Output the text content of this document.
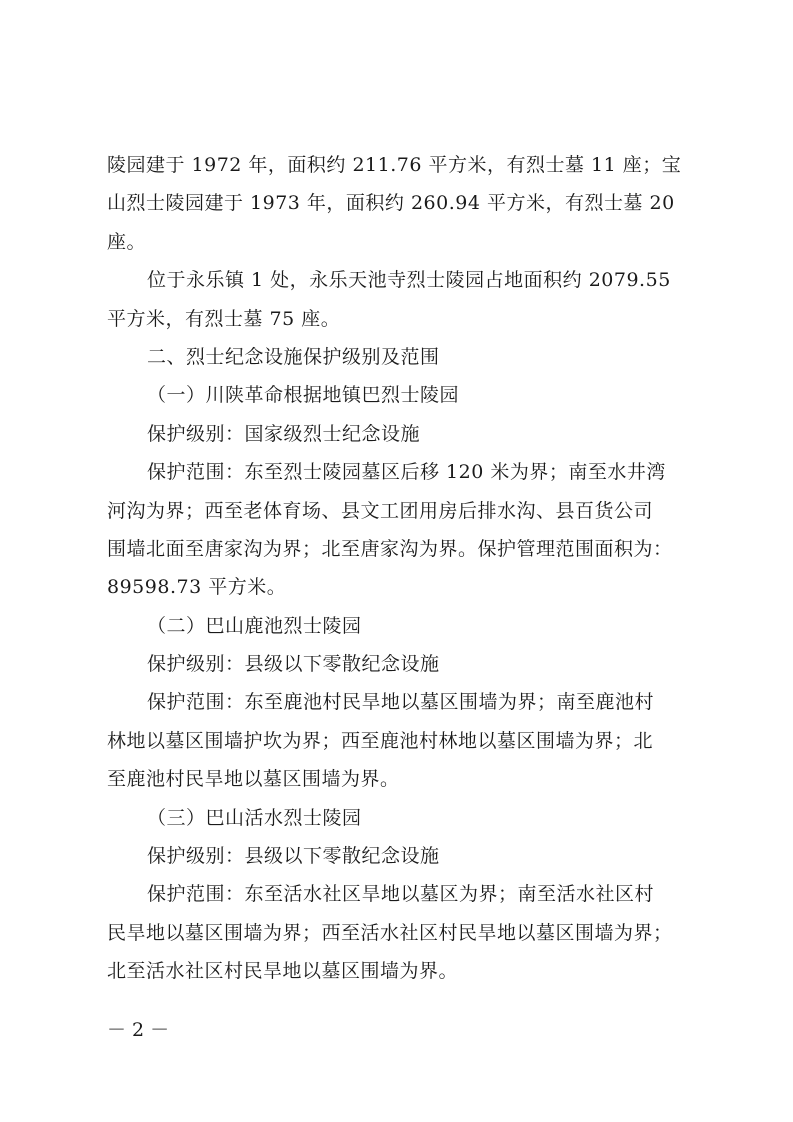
陵园建于 1972 年，面积约 211.76 平方米，有烈士墓 11 座；宝
山烈士陵园建于 1973 年，面积约 260.94 平方米，有烈士墓 20
座。
位于永乐镇 1 处，永乐天池寺烈士陵园占地面积约 2079.55
平方米，有烈士墓 75 座。
二、烈士纪念设施保护级别及范围
（一）川陕革命根据地镇巴烈士陵园
保护级别：国家级烈士纪念设施
保护范围：东至烈士陵园墓区后移 120 米为界；南至水井湾
河沟为界；西至老体育场、县文工团用房后排水沟、县百货公司
围墙北面至唐家沟为界；北至唐家沟为界。保护管理范围面积为：
89598.73 平方米。
（二）巴山鹿池烈士陵园
保护级别：县级以下零散纪念设施
保护范围：东至鹿池村民旱地以墓区围墙为界；南至鹿池村
林地以墓区围墙护坎为界；西至鹿池村林地以墓区围墙为界；北
至鹿池村民旱地以墓区围墙为界。
（三）巴山活水烈士陵园
保护级别：县级以下零散纪念设施
保护范围：东至活水社区旱地以墓区为界；南至活水社区村
民旱地以墓区围墙为界；西至活水社区村民旱地以墓区围墙为界；
北至活水社区村民旱地以墓区围墙为界。
－ 2 －
